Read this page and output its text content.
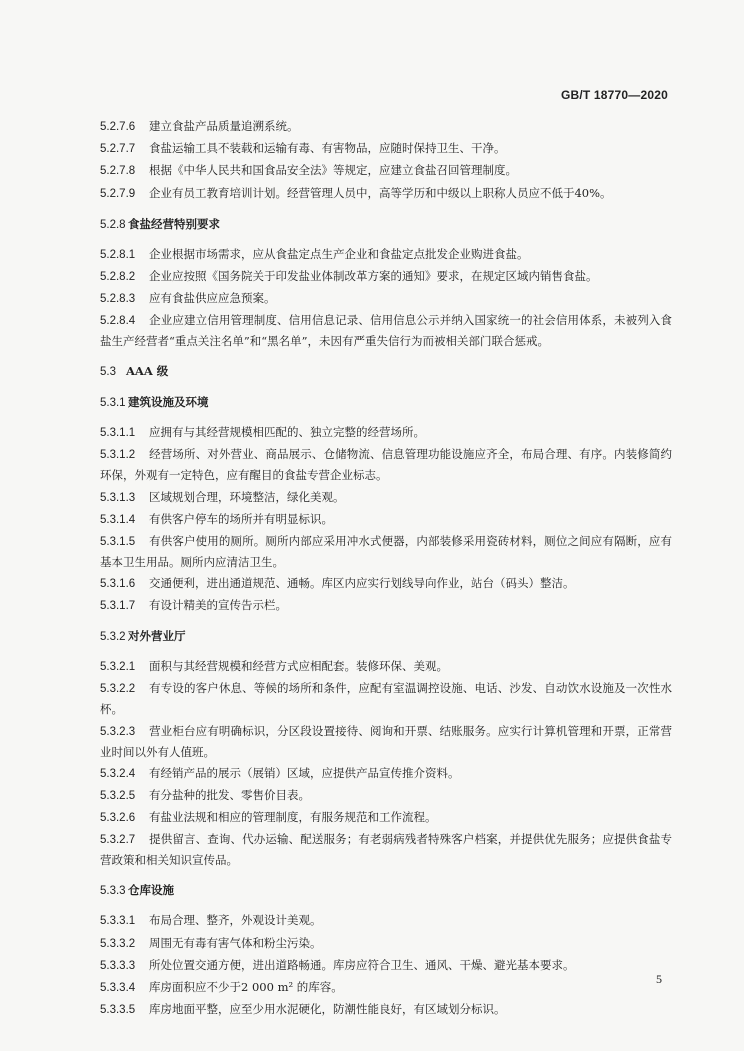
GB/T 18770—2020
5.2.7.6 建立食盐产品质量追溯系统。
5.2.7.7 食盐运输工具不装载和运输有毒、有害物品，应随时保持卫生、干净。
5.2.7.8 根据《中华人民共和国食品安全法》等规定，应建立食盐召回管理制度。
5.2.7.9 企业有员工教育培训计划。经营管理人员中，高等学历和中级以上职称人员应不低于40%。
5.2.8 食盐经营特别要求
5.2.8.1 企业根据市场需求，应从食盐定点生产企业和食盐定点批发企业购进食盐。
5.2.8.2 企业应按照《国务院关于印发盐业体制改革方案的通知》要求，在规定区域内销售食盐。
5.2.8.3 应有食盐供应应急预案。
5.2.8.4 企业应建立信用管理制度、信用信息记录、信用信息公示并纳入国家统一的社会信用体系，未被列入食盐生产经营者“重点关注名单”和“黑名单”，未因有严重失信行为而被相关部门联合惩戒。
5.3 AAA 级
5.3.1 建筑设施及环境
5.3.1.1 应拥有与其经营规模相匹配的、独立完整的经营场所。
5.3.1.2 经营场所、对外营业、商品展示、仓储物流、信息管理功能设施应齐全，布局合理、有序。内装修简约环保，外观有一定特色，应有醒目的食盐专营企业标志。
5.3.1.3 区域规划合理，环境整洁，绿化美观。
5.3.1.4 有供客户停车的场所并有明显标识。
5.3.1.5 有供客户使用的厕所。厕所内部应采用冲水式便器，内部装修采用瓷砖材料，厕位之间应有隔断，应有基本卫生用品。厕所内应清洁卫生。
5.3.1.6 交通便利，进出通道规范、通畅。库区内应实行划线导向作业，站台（码头）整洁。
5.3.1.7 有设计精美的宣传告示栏。
5.3.2 对外营业厅
5.3.2.1 面积与其经营规模和经营方式应相配套。装修环保、美观。
5.3.2.2 有专设的客户休息、等候的场所和条件，应配有室温调控设施、电话、沙发、自动饮水设施及一次性水杯。
5.3.2.3 营业柜台应有明确标识，分区段设置接待、阅询和开票、结账服务。应实行计算机管理和开票，正常营业时间以外有人值班。
5.3.2.4 有经销产品的展示（展销）区域，应提供产品宣传推介资料。
5.3.2.5 有分盐种的批发、零售价目表。
5.3.2.6 有盐业法规和相应的管理制度，有服务规范和工作流程。
5.3.2.7 提供留言、查询、代办运输、配送服务；有老弱病残者特殊客户档案，并提供优先服务；应提供食盐专营政策和相关知识宣传品。
5.3.3 仓库设施
5.3.3.1 布局合理、整齐，外观设计美观。
5.3.3.2 周围无有毒有害气体和粉尘污染。
5.3.3.3 所处位置交通方便，进出道路畅通。库房应符合卫生、通风、干燥、避光基本要求。
5.3.3.4 库房面积应不少于2 000 m² 的库容。
5.3.3.5 库房地面平整，应至少用水泥硬化，防潮性能良好，有区域划分标识。
5
